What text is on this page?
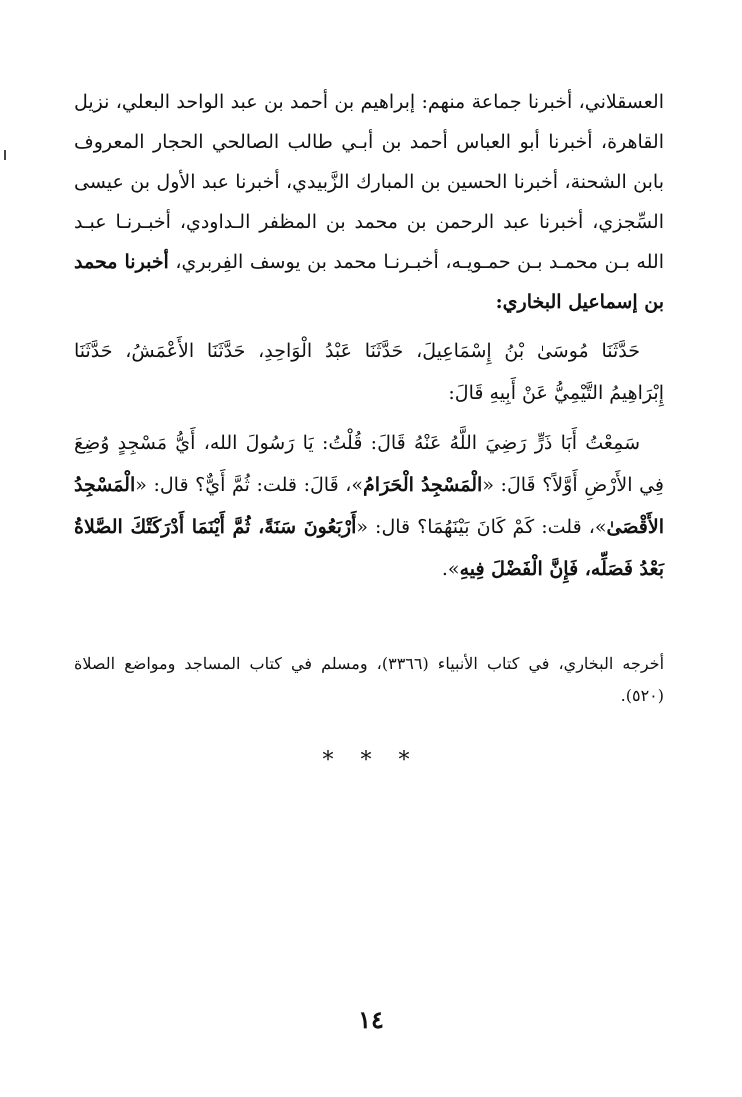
العسقلاني، أخبرنا جماعة منهم: إبراهيم بن أحمد بن عبد الواحد البعلي، نزيل القاهرة، أخبرنا أبو العباس أحمد بن أبـي طالب الصالحي الحجار المعروف بابن الشحنة، أخبرنا الحسين بن المبارك الزَّبيدي، أخبرنا عبد الأول بن عيسى السِّجزي، أخبرنا عبد الرحمن بن محمد بن المظفر الـداودي، أخبـرنـا عبـد الله بـن محمـد بـن حمـويـه، أخبـرنـا محمد بن يوسف الفِربري، أخبرنا محمد بن إسماعيل البخاري:

حَدَّثَنَا مُوسَىٰ بْنُ إِسْمَاعِيلَ، حَدَّثَنَا عَبْدُ الْوَاحِدِ، حَدَّثَنَا الأَعْمَشُ، حَدَّثَنَا إِبْرَاهِيمُ التَّيْمِيُّ عَنْ أَبِيهِ قَالَ:

سَمِعْتُ أَبَا ذَرٍّ رَضِيَ اللَّهُ عَنْهُ قَالَ: قُلْتُ: يَا رَسُولَ الله، أَيُّ مَسْجِدٍ وُضِعَ فِي الأَرْضِ أَوَّلاً؟ قَالَ: «الْمَسْجِدُ الْحَرَامُ»، قَالَ: قلت: ثُمَّ أَيٌّ؟ قال: «الْمَسْجِدُ الأَقْصَىٰ»، قلت: كَمْ كَانَ بَيْنَهُمَا؟ قال: «أَرْبَعُونَ سَنَةً، ثُمَّ أَيْنَمَا أَدْرَكَتْكَ الصَّلاةُ بَعْدُ فَصَلِّه، فَإِنَّ الْفَضْلَ فِيهِ».

أخرجه البخاري، في كتاب الأنبياء (٣٣٦٦)، ومسلم في كتاب المساجد ومواضع الصلاة (٥٢٠).

* * *
١٤
